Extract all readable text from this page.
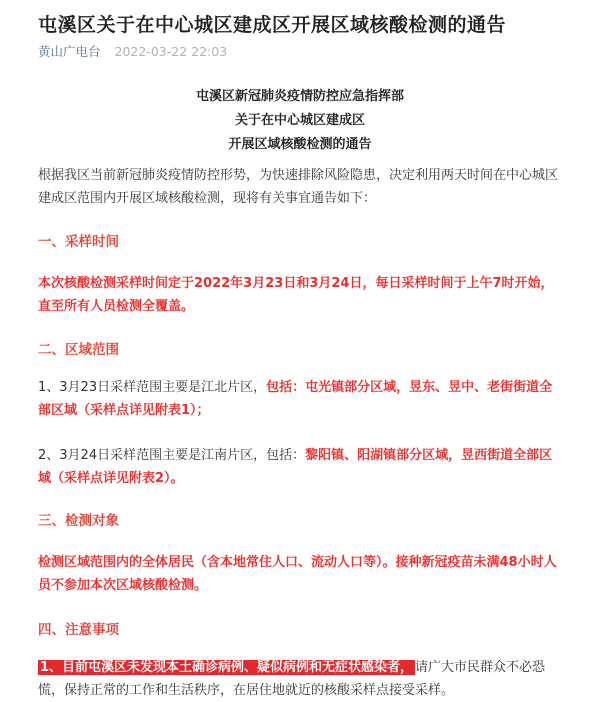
屯溪区关于在中心城区建成区开展区域核酸检测的通告
黄山广电台 2022-03-22 22:03
屯溪区新冠肺炎疫情防控应急指挥部
关于在中心城区建成区
开展区域核酸检测的通告
根据我区当前新冠肺炎疫情防控形势，为快速排除风险隐患，决定利用两天时间在中心城区建成区范围内开展区域核酸检测，现将有关事宜通告如下：
一、采样时间
本次核酸检测采样时间定于2022年3月23日和3月24日，每日采样时间于上午7时开始，直至所有人员检测全覆盖。
二、区域范围
1、3月23日采样范围主要是江北片区，包括：屯光镇部分区域，昱东、昱中、老街街道全部区域（采样点详见附表1）；
2、3月24日采样范围主要是江南片区，包括：黎阳镇、阳湖镇部分区域，昱西街道全部区域（采样点详见附表2）。
三、检测对象
检测区域范围内的全体居民（含本地常住人口、流动人口等）。接种新冠疫苗未满48小时人员不参加本次区域核酸检测。
四、注意事项
1、目前屯溪区未发现本土确诊病例、疑似病例和无症状感染者， 请广大市民群众不必恐慌，保持正常的工作和生活秩序，在居住地就近的核酸采样点接受采样。
